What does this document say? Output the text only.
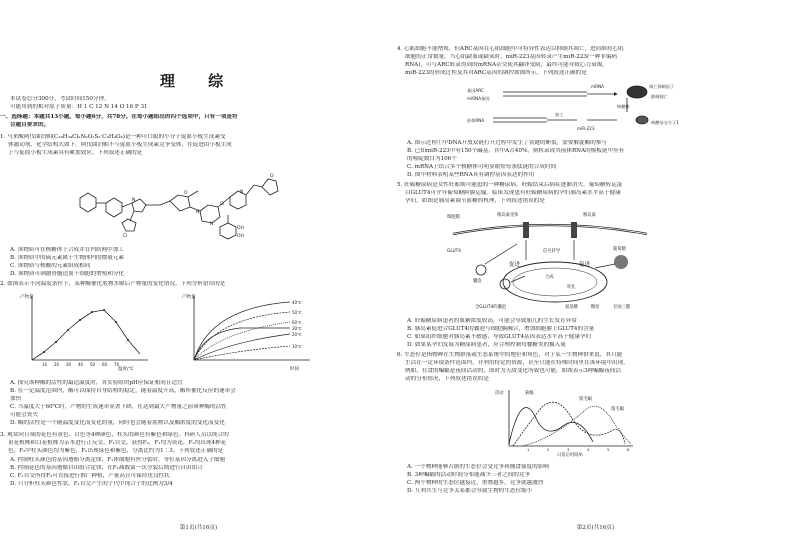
理 综
本试卷总分300分，考试时间150分钟。
可能用到的相对原子质量：H 1 C 12 N 14 O 16 P 31
一、选择题：本题共13小题，每小题6分，共78分。在每小题给出的四个选项中，只有一项是符
合题目要求的。
1. 马来酸阿伐曲泊帕(C₂₉H₃₄Cl₂N₆O₃S₂·C₄H₄O₄)是一种可口服的小分子促血小板生成素受
体激动剂，化学结构式如下。阿伐曲泊帕不与促血小板生成素竞争受体，在促进由小板生成
上与促血小板生成素具有累加效应。下列叙述正确的是
N
O
N
N
O
Cl
N
Cl
OH
OH
A. 该物质可在核糖体上合成并在内质网中加工
B. 该物质中的硫元素属于生物体内的微量元素
C. 该物质与核酸的元素组成相同
D. 该物质可刺激骨髓造血干细胞的增殖和分化
2. 如图表示不同温度条件下，某种酶催化底物水解后产物量的变化情况。下列分析错误的是
产物量
温度/℃
10 20 30 40 50 60 70
40℃
50℃
60℃
30℃
20℃
10℃
产物量
时间
A. 探究该种酶的活性的最适温度时，各实验组的pH应保证相同且适宜
B. 在一定温度范围内，酶可以保持自身结构的稳定，随着温度升高，酶所催化反应的速率会
加快
C. 当温度大于60℃时，产物的生成速率显著下降，在达到最大产物量之前该种酶的活性
可能会丧失
D. 酶的活性是一个随温度变化而变化的量，同时也会随着底物以及酶浓度的变化而变化
3. 观赏向日葵的花色有黄色、白色等4种颜色，柱头的颜色有紫色和绿色。科研人员以纯合的
黄花植株和白花植株为亲本进行正反交，F₁自交，获得F₂，F₁均为黄花，F₂均出现4种花
色，F₂中柱头颜色均为紫色，F₂出现绿色和紫色，分离比约为1∶3。下列叙述正确的是
A. 控制柱头颜色的基因遵循分离定律，F₁体细胞有丝分裂时，等位基因分离进入子细胞
B. 控制花色的基因遵循自由组合定律，在F₁减数第一次分裂后期进行自由组合
C. F₁自交所得F₂可直接进行推广种植，产量高且可保持优良性状
D. 只分析柱头颜色性状，F₁自交产生的子代中纯合子的比例为3/4
第1页(共16页)
4. 心肌细胞不能增殖，但ARC基因在心肌细胞中可特异性表达以抑制其凋亡，进而维持心肌
细胞的正常数量。当心肌缺血或缺氧时，miR-223基因转录产生miR-223(一种非编码
RNA)，可与ARC转录得到的mRNA杂交使其翻译受阻，最终可能导致心力衰竭。
miR-223的形成过程及其对ARC基因的调控如图所示。下列叙述正确的是
基因ARC
miRNA基因
前体RNA
加工
凋亡抑制因子
抑制凋亡
核酸杂交分子1
miR-223
mRNA
核糖体
A. 图示过程①中DNA开放双链打开过程中发生了氢键的断裂，需要解旋酶的参与
B. 已知miR-223中有150个碱基，其中A占40%，则转录成其前体RNA的模板链中应有
的嘧啶数目为106个
C. mRNA上结合多个核糖体可明显缩短每条肽链的合成时间
D. 图中材料表明某些RNA具有调控基因表达的作用
5. 妊娠糖尿病是女性妊娠期可能患的一种糖尿病，妊娠结束后病症逐渐消失。葡萄糖转运蛋
白GLUT4可介导葡萄糖跨膜运输。临床发现患有妊娠糖尿病的孕妇胰岛素水平高于健康
孕妇。如图是胰岛素调节血糖的机理，下列叙述错误的是
细胞膜	胰岛素受体	胰岛素
信号转导
GLUT4
促进	促进
葡萄糖
囊泡
含GLUT4的囊泡
合成
转化
糖原	甘油三酯
氨基酸
A. 妊娠糖尿病患者的血糖浓度较高，可能会导致胎儿的生长发育异常
B. 胰岛素促进合GLUT4的囊泡与细胞膜融合，增加细胞膜上GLUT4的含量
C. 如果组织细胞对胰岛素不敏感，导致GLUT4基因表达水平高于健康孕妇
D. 如果某孕妇发展为糖尿病患者，应合理控制每餐糖类的摄入量
6. 生态位是指物种在生物群落或生态系统中的地位和角色，对于某一生物种群来说，其只能
生活在一定环境条件范围内，并利用特定的资源，甚至只能在特殊时间里在该环境中出现，
例如，在食的蝙蝠是夜间活动的，即时为天敌变化所致也可能。如图表示3种蝙蝠夜间活
动的分布情况，下列叙述错误的是
活动
日落后时间/h
菊蝠
银毛蝠
蓬毛蝠
1	2	3	4	5	6
A. 一个物种能够占据的生态位会受竞争和捕食强度的影响
B. 3种蝙蝠的活动时间分布能减少三者之间的竞争
C. 两个物种的生态位越接近，重叠越多，竞争就越激烈
D. 互利共生与竞争关系都会导致生物的生态位缩小
第2页(共16页)
